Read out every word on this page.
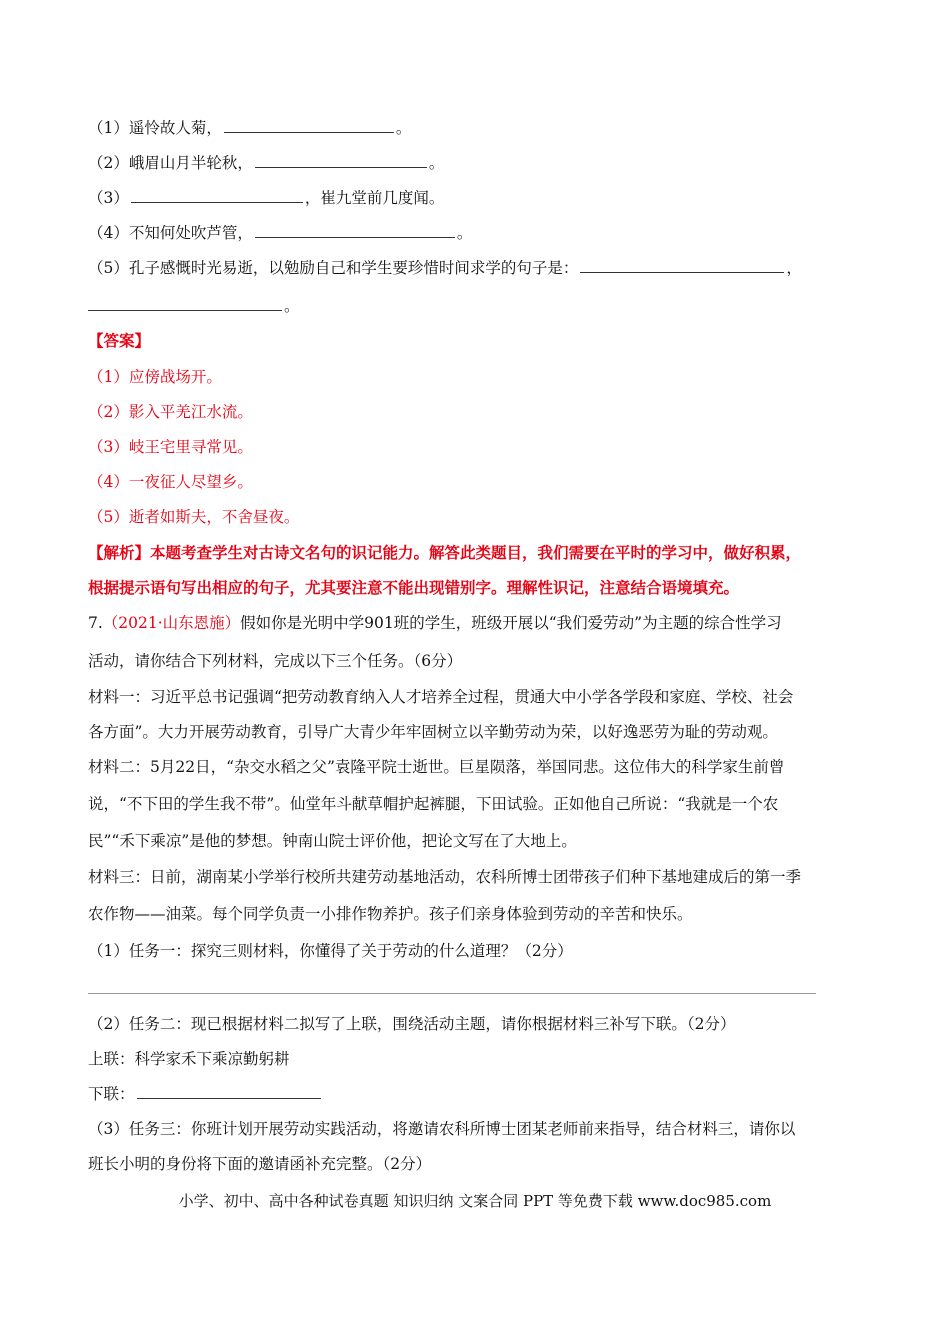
（1）遥怜故人菊，	。
（2）峨眉山月半轮秋，	。
（3）	，崔九堂前几度闻。
（4）不知何处吹芦管，	。
（5）孔子感慨时光易逝，以勉励自己和学生要珍惜时间求学的句子是：	，
。
【答案】
（1）应傍战场开。
（2）影入平羌江水流。
（3）岐王宅里寻常见。
（4）一夜征人尽望乡。
（5）逝者如斯夫，不舍昼夜。
【解析】本题考查学生对古诗文名句的识记能力。解答此类题目，我们需要在平时的学习中，做好积累，
根据提示语句写出相应的句子，尤其要注意不能出现错别字。理解性识记，注意结合语境填充。
7.（2021·山东恩施）假如你是光明中学901班的学生，班级开展以“我们爱劳动”为主题的综合性学习
活动，请你结合下列材料，完成以下三个任务。（6分）
材料一：习近平总书记强调“把劳动教育纳入人才培养全过程，贯通大中小学各学段和家庭、学校、社会
各方面”。大力开展劳动教育，引导广大青少年牢固树立以辛勤劳动为荣，以好逸恶劳为耻的劳动观。
材料二：5月22日，“杂交水稻之父”袁隆平院士逝世。巨星陨落，举国同悲。这位伟大的科学家生前曾
说，“不下田的学生我不带”。仙堂年斗献草帽护起裤腿，下田试验。正如他自己所说：“我就是一个农
民”“禾下乘凉”是他的梦想。钟南山院士评价他，把论文写在了大地上。
材料三：日前，湖南某小学举行校所共建劳动基地活动，农科所博士团带孩子们种下基地建成后的第一季
农作物——油菜。每个同学负责一小排作物养护。孩子们亲身体验到劳动的辛苦和快乐。
（1）任务一：探究三则材料，你懂得了关于劳动的什么道理？（2分）
（2）任务二：现已根据材料二拟写了上联，围绕活动主题，请你根据材料三补写下联。（2分）
上联：科学家禾下乘凉勤躬耕
下联：
（3）任务三：你班计划开展劳动实践活动，将邀请农科所博士团某老师前来指导，结合材料三，请你以
班长小明的身份将下面的邀请函补充完整。（2分）
小学、初中、高中各种试卷真题 知识归纳 文案合同 PPT 等免费下载 www.doc985.com
